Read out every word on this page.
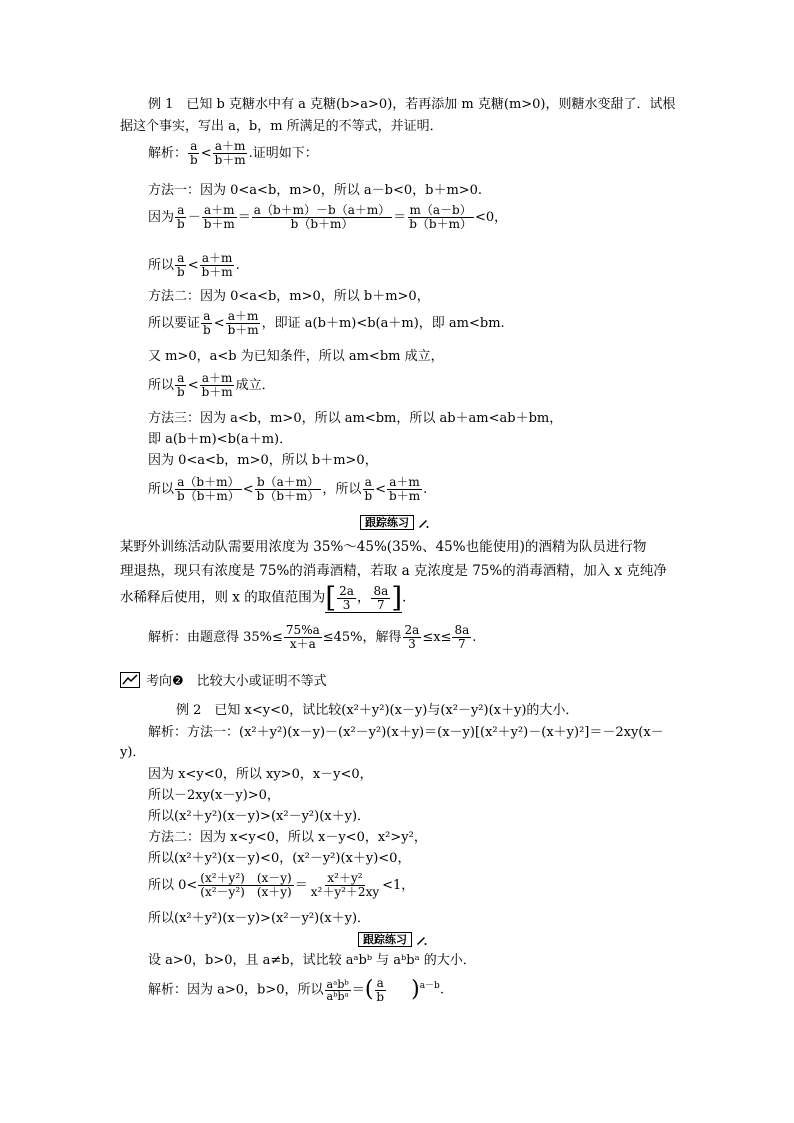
例 1　已知 b 克糖水中有 a 克糖(b>a>0)，若再添加 m 克糖(m>0)，则糖水变甜了．试根
据这个事实，写出 a，b，m 所满足的不等式，并证明．
解析： $\frac{a}{b} < \frac{a+m}{b+m}$ .证明如下：
方法一：因为 0<a<b，m>0，所以 a－b<0，b＋m>0.
因为 $\frac{a}{b} - \frac{a+m}{b+m} = \frac{a(b+m)-b(a+m)}{b(b+m)} = \frac{m(a-b)}{b(b+m)} <0$，
所以 $\frac{a}{b} < \frac{a+m}{b+m}$ .
方法二：因为 0<a<b，m>0，所以 b＋m>0，
所以要证 $\frac{a}{b} < \frac{a+m}{b+m}$ ，即证 a(b＋m)<b(a＋m)，即 am<bm.
又 m>0，a<b 为已知条件，所以 am<bm 成立，
所以 $\frac{a}{b} < \frac{a+m}{b+m}$ 成立．
方法三：因为 a<b，m>0，所以 am<bm，所以 ab＋am<ab＋bm，
即 a(b＋m)<b(a＋m)．
因为 0<a<b，m>0，所以 b＋m>0，
所以 $\frac{a(b+m)}{b(b+m)} < \frac{b(a+m)}{b(b+m)}$ ，所以 $\frac{a}{b} < \frac{a+m}{b+m}$ .
跟踪练习
某野外训练活动队需要用浓度为 35%～45%(35%、45%也能使用)的酒精为队员进行物
理退热，现只有浓度是 75%的消毒酒精，若取 a 克浓度是 75%的消毒酒精，加入 x 克纯净
水稀释后使用，则 x 的取值范围为[ $\frac{2a}{3}$ ， $\frac{8a}{7}$ ]．
解析：由题意得 $35\%\le \frac{75\%a}{x+a} \le 45\%$，解得 $\frac{2a}{3} \le x\le \frac{8a}{7}$ .
考向❷　比较大小或证明不等式
例 2　已知 x<y<0，试比较(x²＋y²)(x－y)与(x²－y²)(x＋y)的大小．
解析：方法一：(x²＋y²)(x－y)－(x²－y²)(x＋y)＝(x－y)[(x²＋y²)－(x＋y)²]＝－2xy(x－
y)．
因为 x<y<0，所以 xy>0，x－y<0，
所以－2xy(x－y)>0，
所以(x²＋y²)(x－y)>(x²－y²)(x＋y)．
方法二：因为 x<y<0，所以 x－y<0，x²>y²，
所以(x²＋y²)(x－y)<0，(x²－y²)(x＋y)<0，
所以 $0< \frac{\text{(x²＋y²)　(x－y)}}{\text{(x²－y²)　(x＋y)}} = \frac{\text{x²＋y²}}{\text{x²＋y²＋2xy}} <1$，
所以(x²＋y²)(x－y)>(x²－y²)(x＋y)．
跟踪练习
设 a>0，b>0，且 a≠b，试比较 aᵃbᵇ 与 aᵇbᵃ 的大小．
解析：因为 a>0，b>0，所以 $\frac{\text{aᵃbᵇ}}{\text{aᵇbᵃ}}$ ＝( $\frac{a}{b} )^{a-b}$.
